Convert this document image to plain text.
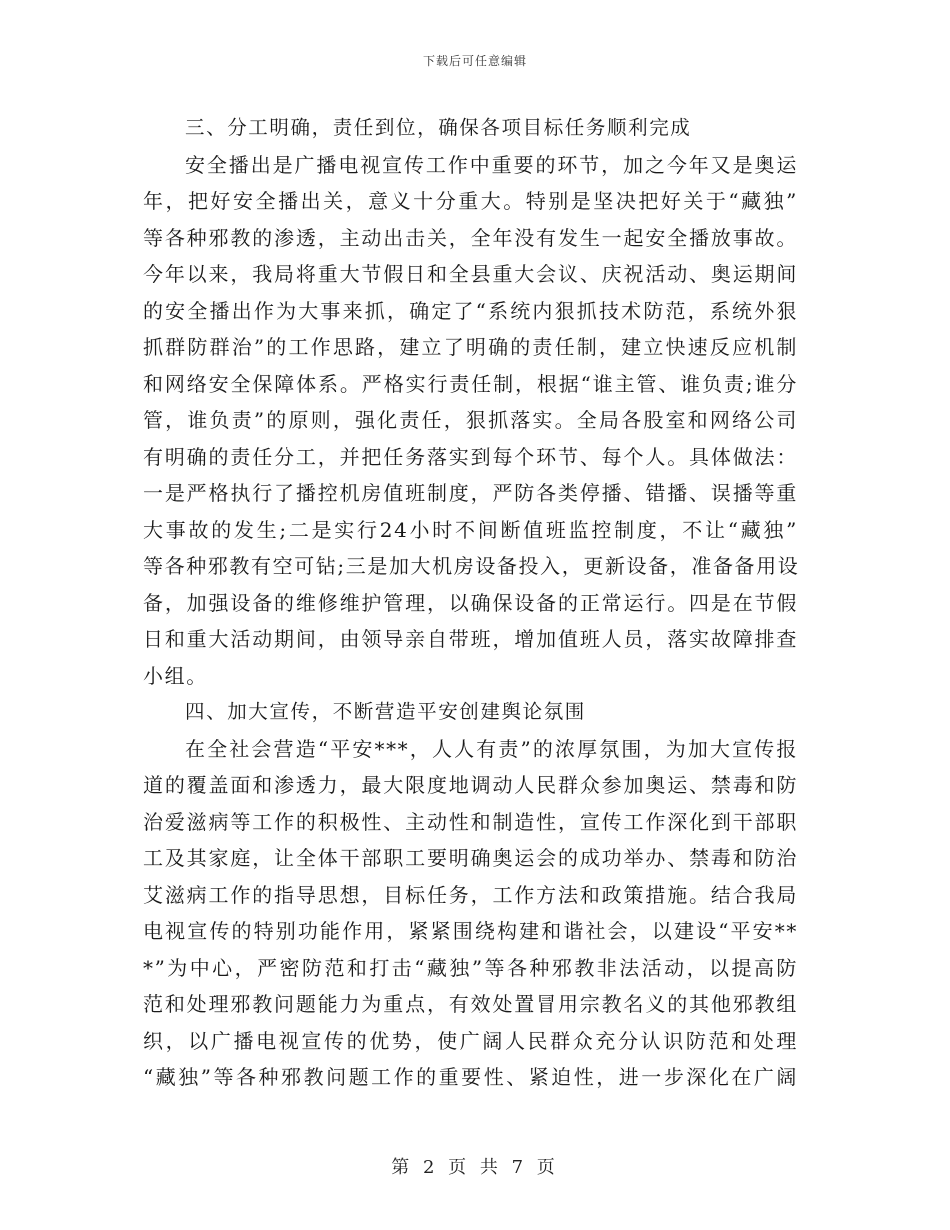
下载后可任意编辑
三、分工明确，责任到位，确保各项目标任务顺利完成
安全播出是广播电视宣传工作中重要的环节，加之今年又是奥运
年，把好安全播出关，意义十分重大。特别是坚决把好关于“藏独”
等各种邪教的渗透，主动出击关，全年没有发生一起安全播放事故。
今年以来，我局将重大节假日和全县重大会议、庆祝活动、奥运期间
的安全播出作为大事来抓，确定了“系统内狠抓技术防范，系统外狠
抓群防群治”的工作思路，建立了明确的责任制，建立快速反应机制
和网络安全保障体系。严格实行责任制，根据“谁主管、谁负责;谁分
管，谁负责”的原则，强化责任，狠抓落实。全局各股室和网络公司
有明确的责任分工，并把任务落实到每个环节、每个人。具体做法：
一是严格执行了播控机房值班制度，严防各类停播、错播、误播等重
大事故的发生;二是实行24小时不间断值班监控制度，不让“藏独”
等各种邪教有空可钻;三是加大机房设备投入，更新设备，准备备用设
备，加强设备的维修维护管理，以确保设备的正常运行。四是在节假
日和重大活动期间，由领导亲自带班，增加值班人员，落实故障排查
小组。
四、加大宣传，不断营造平安创建舆论氛围
在全社会营造“平安***，人人有责”的浓厚氛围，为加大宣传报
道的覆盖面和渗透力，最大限度地调动人民群众参加奥运、禁毒和防
治爱滋病等工作的积极性、主动性和制造性，宣传工作深化到干部职
工及其家庭，让全体干部职工要明确奥运会的成功举办、禁毒和防治
艾滋病工作的指导思想，目标任务，工作方法和政策措施。结合我局
电视宣传的特别功能作用，紧紧围绕构建和谐社会，以建设“平安**
*”为中心，严密防范和打击“藏独”等各种邪教非法活动，以提高防
范和处理邪教问题能力为重点，有效处置冒用宗教名义的其他邪教组
织，以广播电视宣传的优势，使广阔人民群众充分认识防范和处理
“藏独”等各种邪教问题工作的重要性、紧迫性，进一步深化在广阔
第 2 页 共 7 页
